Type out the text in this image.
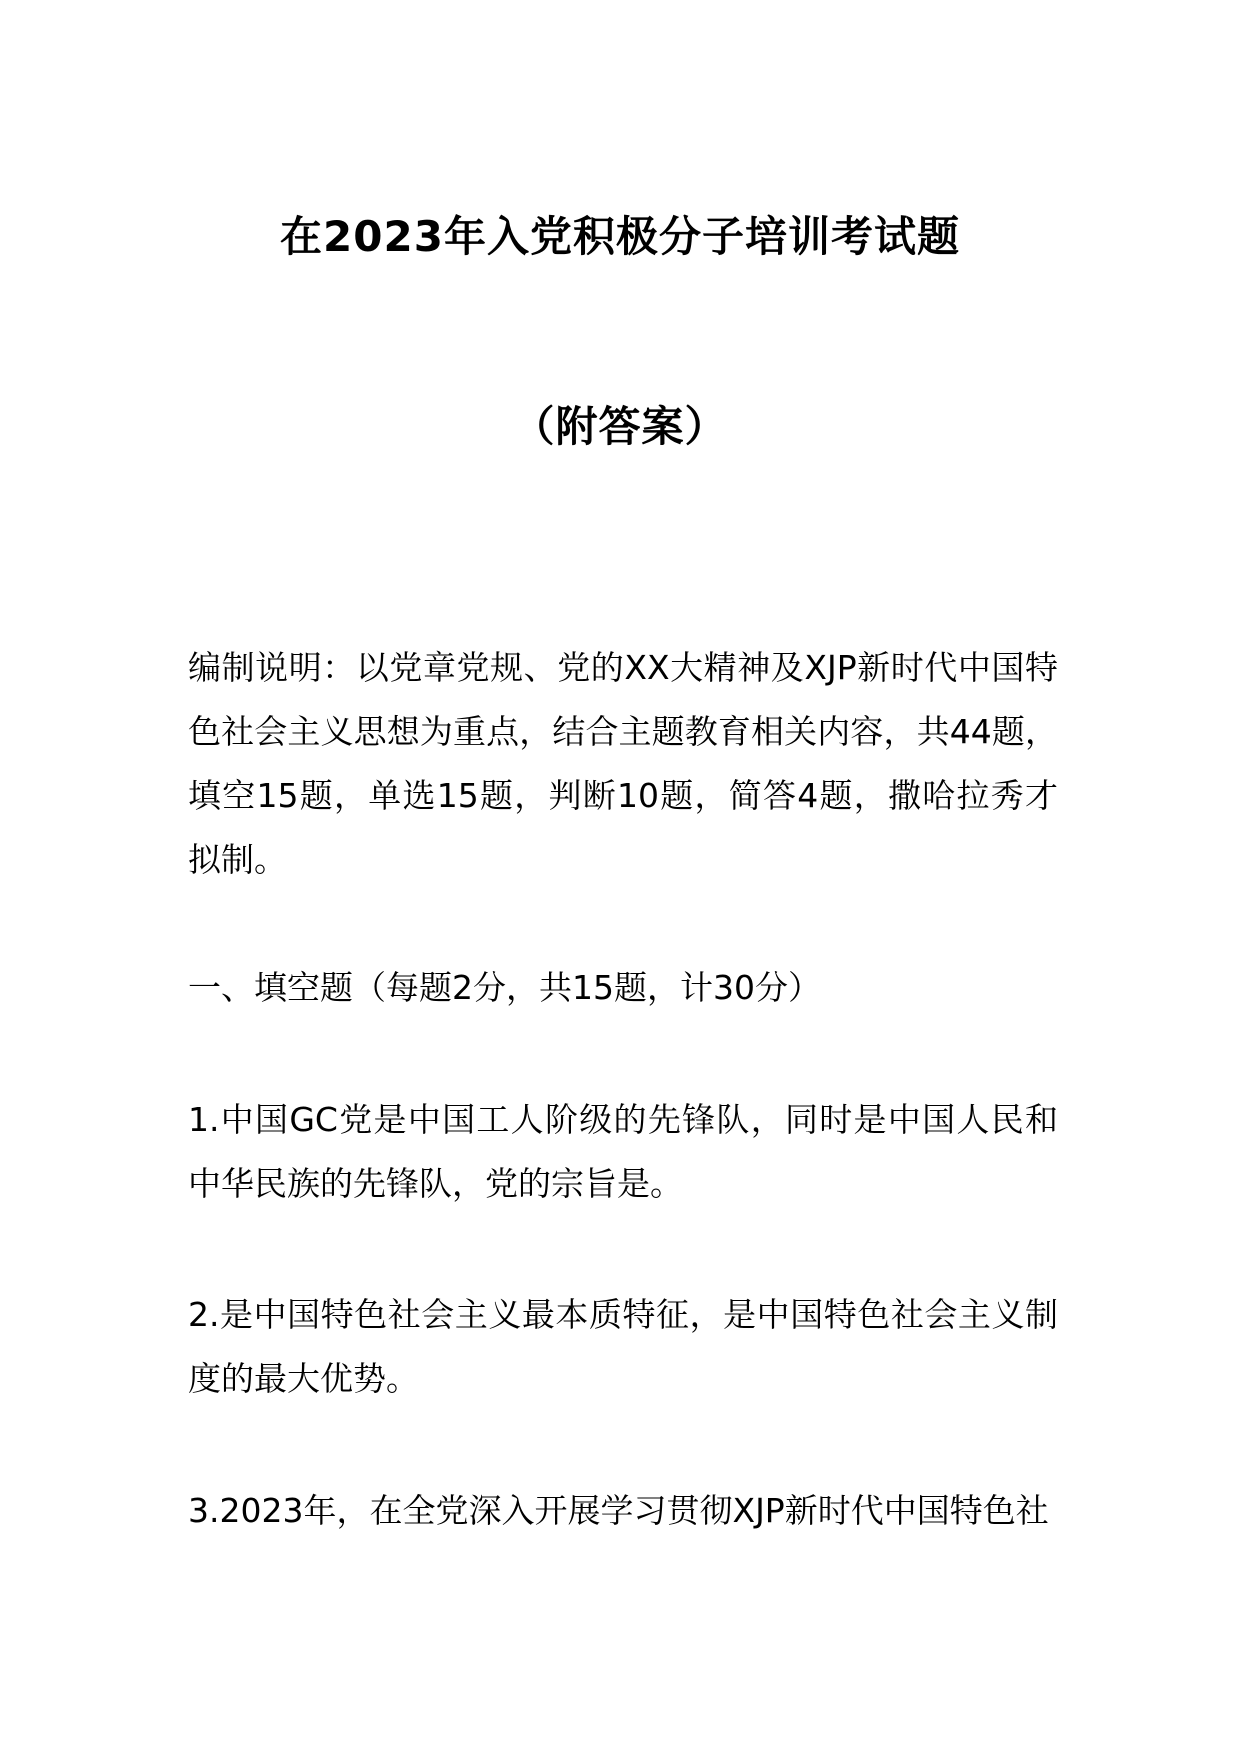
在2023年入党积极分子培训考试题
（附答案）
编制说明：以党章党规、党的XX大精神及XJP新时代中国特色社会主义思想为重点，结合主题教育相关内容，共44题，填空15题，单选15题，判断10题，简答4题，撒哈拉秀才拟制。
一、填空题（每题2分，共15题，计30分）
1.中国GC党是中国工人阶级的先锋队，同时是中国人民和中华民族的先锋队，党的宗旨是。
2.是中国特色社会主义最本质特征，是中国特色社会主义制度的最大优势。
3.2023年，在全党深入开展学习贯彻XJP新时代中国特色社
